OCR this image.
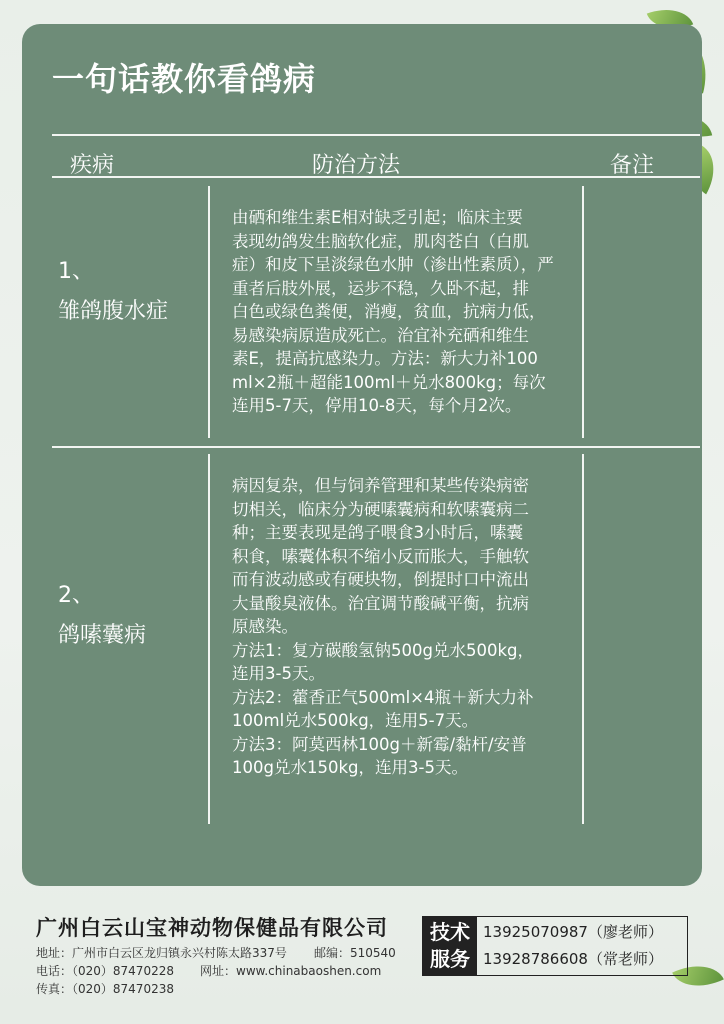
一句话教你看鸽病
疾病	防治方法	备注
1、
雏鸽腹水症
由硒和维生素E相对缺乏引起；临床主要
表现幼鸽发生脑软化症，肌肉苍白（白肌
症）和皮下呈淡绿色水肿（渗出性素质），严
重者后肢外展，运步不稳，久卧不起，排
白色或绿色粪便，消瘦，贫血，抗病力低，
易感染病原造成死亡。治宜补充硒和维生
素E，提高抗感染力。方法：新大力补100
ml×2瓶＋超能100ml＋兑水800kg；每次
连用5-7天，停用10-8天，每个月2次。
2、
鸽嗉囊病
病因复杂，但与饲养管理和某些传染病密
切相关，临床分为硬嗉囊病和软嗉囊病二
种；主要表现是鸽子喂食3小时后，嗉囊
积食，嗉囊体积不缩小反而胀大，手触软
而有波动感或有硬块物，倒提时口中流出
大量酸臭液体。治宜调节酸碱平衡，抗病
原感染。
方法1：复方碳酸氢钠500g兑水500kg，
连用3-5天。
方法2：藿香正气500ml×4瓶＋新大力补
100ml兑水500kg，连用5-7天。
方法3：阿莫西林100g＋新霉/黏杆/安普
100g兑水150kg，连用3-5天。
广州白云山宝神动物保健品有限公司
地址：广州市白云区龙归镇永兴村陈太路337号 邮编：510540
电话：（020）87470228 网址：www.chinabaoshen.com
传真：（020）87470238
技术
服务
13925070987（廖老师）
13928786608（常老师）
